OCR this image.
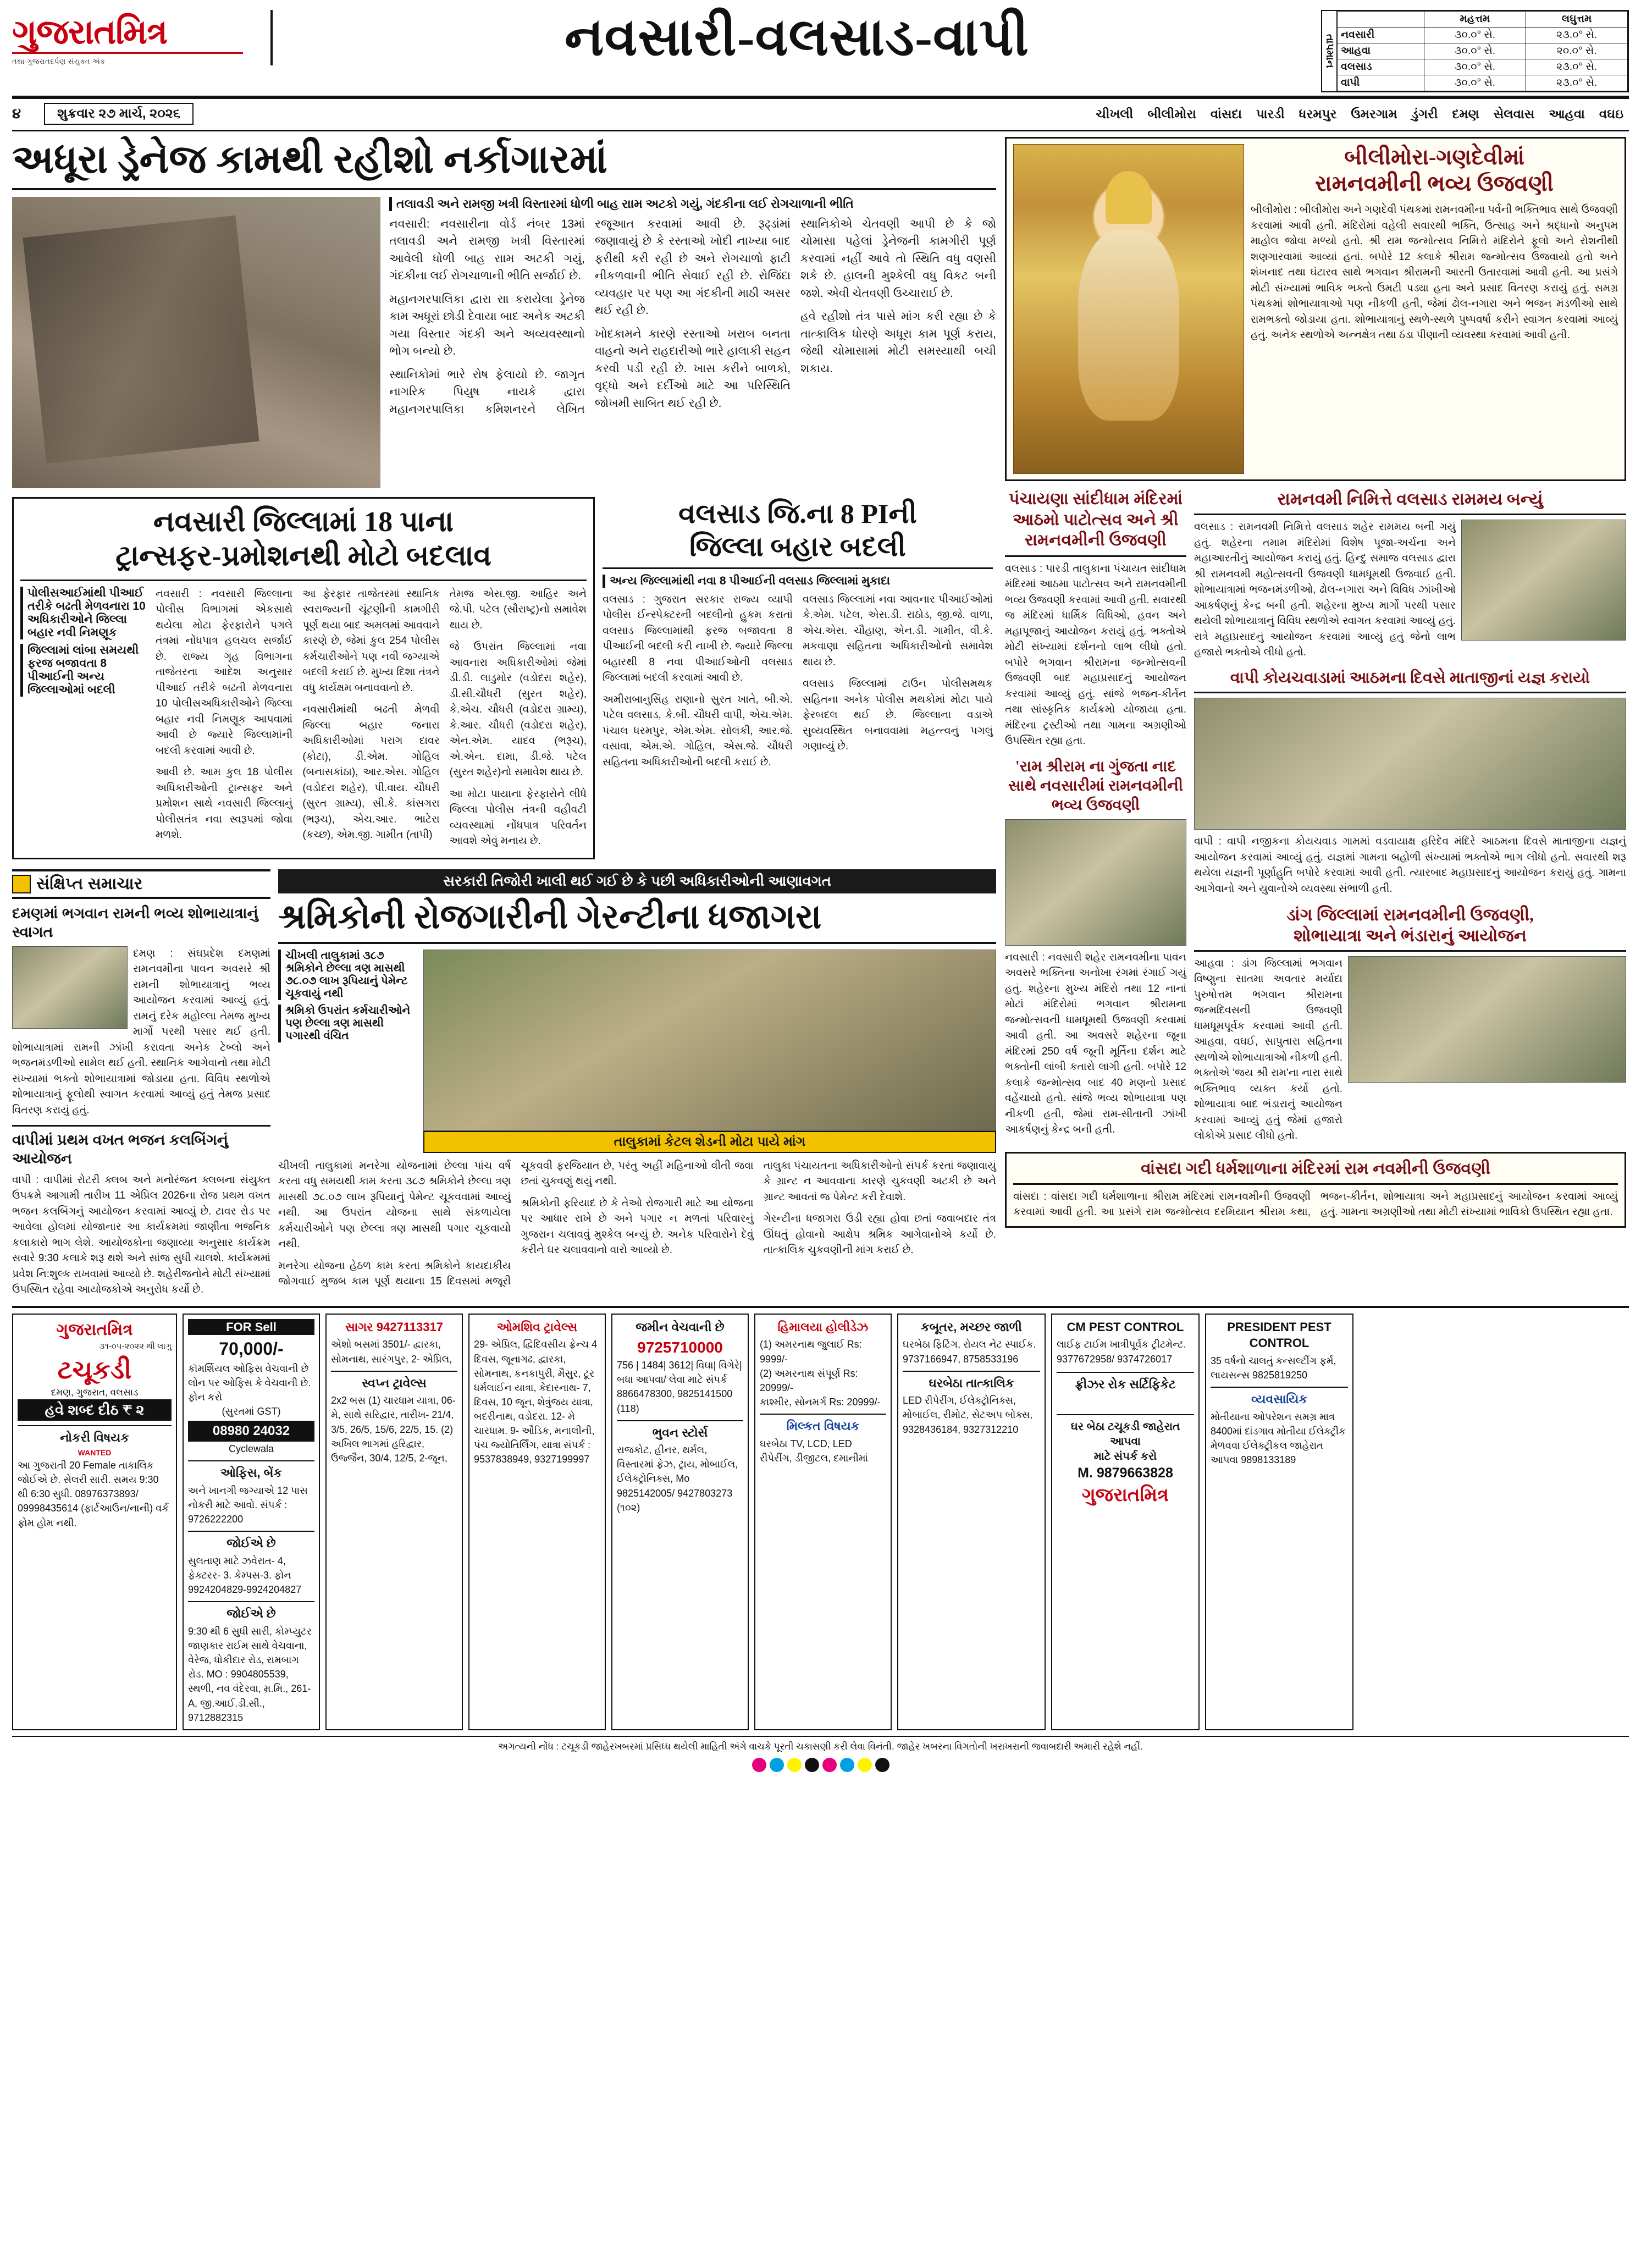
ગુજરાતમિત્ર
તથા ગુજરાતદર્પણ સંયુક્ત અંક	નવસારી-વલસાડ-વાપી	તાપમાન
	મહત્તમ	લઘુત્તમ
નવસારી	૩૦.૦° સે.	૨૩.૦° સે.
આહવા	૩૦.૦° સે.	૨૦.૦° સે.
વલસાડ	૩૦.૦° સે.	૨૩.૦° સે.
વાપી	૩૦.૦° સે.	૨૩.૦° સે.
૪	શુક્રવાર ૨૭ માર્ચ, ૨૦૨૬	ચીખલી બીલીમોરા વાંસદા પારડી ધરમપુર ઉમરગામ ડુંગરી દમણ સેલવાસ આહવા વઘઇ
અધૂરા ડ્રેનેજ કામથી રહીશો નર્કાગારમાં
તલાવડી અને રામજી ખત્રી વિસ્તારમાં ધોળી બાહ રાામ અટકો ગયું, ગંદકીના લઈ રોગચાળાની ભીતિ

નવસારી: નવસારીના વોર્ડ નંબર 13માં તલાવડી અને રામજી ખત્રી વિસ્તારમાં આવેલી ધોળી બાહ રાામ અટકી ગયું, ગંદકીના લઈ રોગચાળાની ભીતિ સર્જાઈ છે.

મહાનગરપાલિકા દ્વારા રાા કરાયેલા ડ્રેનેજ કામ અધૂરાં છોડી દેવાયા બાદ અનેક અટકી ગયા વિસ્તાર ગંદકી અને અવ્યવસ્થાનો ભોગ બન્યો છે.

સ્થાનિકોમાં ભારે રોષ ફેલાયો છે. જાગૃત નાગરિક પિયુષ નાયકે દ્વારા મહાનગરપાલિકા કમિશનરને લેખિત રજૂઆત કરવામાં આવી છે. રૂઢ્ડાંમાં જણાવાયું છે કે રસ્તાઓ ખોદી નાખ્યા બાદ ફરીથી કરી રહી છે અને રોગચાળો ફાટી નીકળવાની ભીતિ સેવાઈ રહી છે. રોજિંદા વ્યવહાર પર પણ આ ગંદકીની માઠી અસર થઈ રહી છે.

ખોદકામને કારણે રસ્તાઓ ખરાબ બનતા વાહનો અને રાહદારીઓ ભારે હાલાકી સહન કરવી પડી રહી છે. ખાસ કરીને બાળકો, વૃદ્ધો અને દર્દીઓ માટે આ પરિસ્થિતિ જોખમી સાબિત થઈ રહી છે.

સ્થાનિકોએ ચેતવણી આપી છે કે જો ચોમાસા પહેલાં ડ્રેનેજની કામગીરી પૂર્ણ કરવામાં નહીં આવે તો સ્થિતિ વધુ વણસી શકે છે. હાલની મુશ્કેલી વધુ વિકટ બની જશે. એવી ચેતવણી ઉચ્ચારાઈ છે.

હવે રહીશો તંત્ર પાસે માંગ કરી રહ્યા છે કે તાત્કાલિક ધોરણે અધૂરા કામ પૂર્ણ કરાય, જેથી ચોમાસામાં મોટી સમસ્યાથી બચી શકાય.

નવસારી જિલ્લામાં 18 પાના
ટ્રાન્સફર-પ્રમોશનથી મોટો બદલાવ
પોલીસઆઈમાંથી પીઆઈ તરીકે બઢતી મેળવનારા 10 અધિકારીઓને જિલ્લા બહાર નવી નિમણૂક
જિલ્લામાં લાંબા સમયથી ફરજ બજાવતા 8 પીઆઈની અન્ય જિલ્લાઓમાં બદલી

નવસારી : નવસારી જિલ્લાના પોલીસ વિભાગમાં એકસાથે થયેલા મોટા ફેરફારોને પગલે તંત્રમાં નોંધપાત્ર હલચલ સર્જાઈ છે. રાજ્ય ગૃહ વિભાગના તાજેતરના આદેશ અનુસાર પીઆઈ તરીકે બઢતી મેળવનારા 10 પોલીસઅધિકારીઓને જિલ્લા બહાર નવી નિમણૂક આપવામાં આવી છે જ્યારે જિલ્લામાંની બદલી કરવામાં આવી છે.

આવી છે. આમ કુલ 18 પોલીસ અધિકારીઓની ટ્રાન્સફર અને પ્રમોશન સાથે નવસારી જિલ્લાનું પોલીસતંત્ર નવા સ્વરૂપમાં જોવા મળશે.

આ ફેરફાર તાજેતરમાં સ્થાનિક સ્વરાજ્યની ચૂંટણીની કામગીરી પૂર્ણ થયા બાદ અમલમાં આવવાને કારણે છે, જેમાં કુલ 254 પોલીસ કર્મચારીઓને પણ નવી જગ્યાએ બદલી કરાઈ છે. મુખ્ય દિશા તંત્રને વધુ કાર્યક્ષમ બનાવવાનો છે.

નવસારીમાંથી બઢતી મેળવી જિલ્લા બહાર જનારા અધિકારીઓમાં પરાગ દાવર (કોટા), ડી.એમ. ગોહિલ (બનાસકાંઠા), આર.એસ. ગોહિલ (વડોદરા શહેર), પી.વાય. ચૌધરી (સુરત ગ્રામ્ય), સી.કે. કાંસગરા (ભરૂચ), એચ.આર. ભાટેરા (કચ્છ), એમ.જી. ગામીત (તાપી)

તેમજ એસ.જી. આહિર અને જે.પી. પટેલ (સૌરાષ્ટ્ર)નો સમાવેશ થાય છે.

જે ઉપરાંત જિલ્લામાં નવા આવનારા અધિકારીઓમાં જેમાં ડી.ડી. લાડુમોર (વડોદરા શહેર), ડી.સી.ચૌધરી (સુરત શહેર), કે.એચ. ચૌધરી (વડોદરા ગ્રામ્ય), કે.આર. ચૌધરી (વડોદરા શહેર), એન.એમ. યાદવ (ભરૂચ), એ.એન. દામા, ડી.જે. પટેલ (સુરત શહેર)નો સમાવેશ થાય છે.

આ મોટા પાયાના ફેરફારોને લીધે જિલ્લા પોલીસ તંત્રની વહીવટી વ્યવસ્થામાં નોંધપાત્ર પરિવર્તન આવશે એવું મનાય છે.

વલસાડ જિ.ના 8 PIની
જિલ્લા બહાર બદલી
અન્ય જિલ્લામાંથી નવા 8 પીઆઈની વલસાડ જિલ્લામાં મુકાદા

વલસાડ : ગુજરાત સરકાર રાજ્ય વ્યાપી પોલીસ ઈન્સ્પેક્ટરની બદલીનો હુકમ કરાતાં વલસાડ જિલ્લામાંથી ફરજ બજાવતા 8 પીઆઈની બદલી કરી નાખી છે. જ્યારે જિલ્લા બહારથી 8 નવા પીઆઈઓની વલસાડ જિલ્લામાં બદલી કરવામાં આવી છે.

અમીરાબાનુસિંહ રાણાનો સુરત ખાતે, બી.એ. પટેલ વલસાડ, કે.બી. ચૌધરી વાપી, એચ.એમ. પંચાલ ધરમપુર, એમ.એમ. સોલંકી, આર.જે. વસાવા, એમ.એ. ગોહિલ, એસ.જે. ચૌધરી સહિતના અધિકારીઓની બદલી કરાઈ છે.

વલસાડ જિલ્લામાં નવા આવનાર પીઆઈઓમાં કે.એમ. પટેલ, એસ.ડી. રાઠોડ, જી.જે. વાળા, એચ.એસ. ચૌહાણ, એન.ડી. ગામીત, વી.કે. મકવાણા સહિતના અધિકારીઓનો સમાવેશ થાય છે.

વલસાડ જિલ્લામાં ટાઉન પોલીસમથક સહિતના અનેક પોલીસ મથકોમાં મોટા પાયે ફેરબદલ થઈ છે. જિલ્લાના વડાએ સુવ્યવસ્થિત બનાવવામાં મહત્ત્વનું પગલું ગણાવ્યું છે.

સંક્ષિપ્ત સમાચાર
દમણમાં ભગવાન રામની ભવ્ય શોભાયાત્રાનું સ્વાગત
દમણ : સંઘપ્રદેશ દમણમાં રામનવમીના પાવન અવસરે શ્રી રામની શોભાયાત્રાનું ભવ્ય આયોજન કરવામાં આવ્યું હતું. રામનું દરેક મહોલ્લા તેમજ મુખ્ય માર્ગો પરથી પસાર થઈ હતી. શોભાયાત્રામાં રામની ઝાંખી કરાવતા અનેક ટેબ્લો અને ભજનમંડળીઓ સામેલ થઈ હતી. સ્થાનિક આગેવાનો તથા મોટી સંખ્યામાં ભક્તો શોભાયાત્રામાં જોડાયા હતા. વિવિધ સ્થળોએ શોભાયાત્રાનું ફૂલોથી સ્વાગત કરવામાં આવ્યું હતું તેમજ પ્રસાદ વિતરણ કરાયું હતું.
વાપીમાં પ્રથમ વખત ભજન કલબિંગનું આયોજન
વાપી : વાપીમાં રોટરી ક્લબ અને મનોરંજન ક્લબના સંયુક્ત ઉપક્રમે આગામી તારીખ 11 એપ્રિલ 2026ના રોજ પ્રથમ વખત ભજન કલબિંગનું આયોજન કરવામાં આવ્યું છે. ટાવર રોડ પર આવેલા હોલમાં યોજાનાર આ કાર્યક્રમમાં જાણીતા ભજનિક કલાકારો ભાગ લેશે. આયોજકોના જણાવ્યા અનુસાર કાર્યક્રમ સવારે 9:30 કલાકે શરૂ થશે અને સાંજ સુધી ચાલશે. કાર્યક્રમમાં પ્રવેશ નિ:શુલ્ક રાખવામાં આવ્યો છે. શહેરીજનોને મોટી સંખ્યામાં ઉપસ્થિત રહેવા આયોજકોએ અનુરોધ કર્યો છે.
સરકારી તિજોરી ખાલી થઈ ગઈ છે કે પછી અધિકારીઓની આણાવગત
શ્રમિકોની રોજગારીની ગેરન્ટીના ધજાગરા
ચીખલી તાલુકામાં ૩૮૭ શ્રમિકોને છેલ્લા ત્રણ માસથી ૭૮.૦૭ લાખ રૂપિયાનું પેમેન્ટ ચૂકવાયું નથી
શ્રમિકો ઉપરાંત કર્મચારીઓને પણ છેલ્લા ત્રણ માસથી પગારથી વંચિત
તાલુકામાં કેટલ શેડની મોટા પાયે માંગ

ચીખલી તાલુકામાં મનરેગા યોજનામાં છેલ્લા પાંચ વર્ષ કરતા વધુ સમયથી કામ કરતા ૩૮૭ શ્રમિકોને છેલ્લા ત્રણ માસથી ૭૮.૦૭ લાખ રૂપિયાનું પેમેન્ટ ચૂકવવામાં આવ્યું નથી. આ ઉપરાંત યોજના સાથે સંકળાયેલા કર્મચારીઓને પણ છેલ્લા ત્રણ માસથી પગાર ચૂકવાયો નથી.

મનરેગા યોજના હેઠળ કામ કરતા શ્રમિકોને કાયદાકીય જોગવાઈ મુજબ કામ પૂર્ણ થયાના 15 દિવસમાં મજૂરી ચૂકવવી ફરજિયાત છે, પરંતુ અહીં મહિનાઓ વીતી જવા છતાં ચુકવણું થયું નથી.

શ્રમિકોની ફરિયાદ છે કે તેઓ રોજગારી માટે આ યોજના પર આધાર રાખે છે અને પગાર ન મળતાં પરિવારનું ગુજરાન ચલાવવું મુશ્કેલ બન્યું છે. અનેક પરિવારોને દેવું કરીને ઘર ચલાવવાનો વારો આવ્યો છે.

તાલુકા પંચાયતના અધિકારીઓનો સંપર્ક કરતાં જણાવાયું કે ગ્રાન્ટ ન આવવાના કારણે ચુકવણી અટકી છે અને ગ્રાન્ટ આવતાં જ પેમેન્ટ કરી દેવાશે.

ગેરન્ટીના ધજાગરા ઉડી રહ્યા હોવા છતાં જવાબદાર તંત્ર ઊંઘતું હોવાનો આક્ષેપ શ્રમિક આગેવાનોએ કર્યો છે. તાત્કાલિક ચુકવણીની માંગ કરાઈ છે.

બીલીમોરા-ગણદેવીમાં
રામનવમીની ભવ્ય ઉજવણી
બીલીમોરા : બીલીમોરા અને ગણદેવી પંથકમાં રામનવમીના પર્વની ભક્તિભાવ સાથે ઉજવણી કરવામાં આવી હતી. મંદિરોમાં વહેલી સવારથી ભક્તિ, ઉત્સાહ અને શ્રદ્ધાનો અનુપમ માહોલ જોવા મળ્યો હતો. શ્રી રામ જન્મોત્સવ નિમિત્તે મંદિરોને ફૂલો અને રોશનીથી શણગારવામાં આવ્યાં હતાં. બપોરે 12 કલાકે શ્રીરામ જન્મોત્સવ ઉજવાયો હતો અને શંખનાદ તથા ઘંટારવ સાથે ભગવાન શ્રીરામની આરતી ઉતારવામાં આવી હતી. આ પ્રસંગે મોટી સંખ્યામાં ભાવિક ભક્તો ઉમટી પડ્યા હતા અને પ્રસાદ વિતરણ કરાયું હતું. સમગ્ર પંથકમાં શોભાયાત્રાઓ પણ નીકળી હતી, જેમાં ઢોલ-નગારા અને ભજન મંડળીઓ સાથે રામભક્તો જોડાયા હતા. શોભાયાત્રાનું સ્થળે-સ્થળે પુષ્પવર્ષા કરીને સ્વાગત કરવામાં આવ્યું હતું. અનેક સ્થળોએ અન્નક્ષેત્ર તથા ઠંડા પીણાની વ્યવસ્થા કરવામાં આવી હતી.
પંચાયણા સાંદીધામ મંદિરમાં આઠમો પાટોત્સવ અને શ્રી રામનવમીની ઉજવણી
વલસાડ : પારડી તાલુકાના પંચાયત સાંદીધામ મંદિરમાં આઠમા પાટોત્સવ અને રામનવમીની ભવ્ય ઉજવણી કરવામાં આવી હતી. સવારથી જ મંદિરમાં ધાર્મિક વિધિઓ, હવન અને મહાપૂજાનું આયોજન કરાયું હતું. ભક્તોએ મોટી સંખ્યામાં દર્શનનો લાભ લીધો હતો. બપોરે ભગવાન શ્રીરામના જન્મોત્સવની ઉજવણી બાદ મહાપ્રસાદનું આયોજન કરવામાં આવ્યું હતું. સાંજે ભજન-કીર્તન તથા સાંસ્કૃતિક કાર્યક્રમો યોજાયા હતા. મંદિરના ટ્રસ્ટીઓ તથા ગામના અગ્રણીઓ ઉપસ્થિત રહ્યા હતા.
'રામ શ્રીરામ ના ગુંજતા નાદ સાથે નવસારીમાં રામનવમીની ભવ્ય ઉજવણી
નવસારી : નવસારી શહેર રામનવમીના પાવન અવસરે ભક્તિના અનોખા રંગમાં રંગાઈ ગયું હતું. શહેરના મુખ્ય મંદિરો તથા 12 નાનાં મોટાં મંદિરોમાં ભગવાન શ્રીરામના જન્મોત્સવની ધામધૂમથી ઉજવણી કરવામાં આવી હતી. આ અવસરે શહેરના જૂના મંદિરમાં 250 વર્ષ જૂની મૂર્તિના દર્શન માટે ભક્તોની લાંબી કતારો લાગી હતી. બપોરે 12 કલાકે જન્મોત્સવ બાદ 40 મણનો પ્રસાદ વહેંચાયો હતો. સાંજે ભવ્ય શોભાયાત્રા પણ નીકળી હતી, જેમાં રામ-સીતાની ઝાંખી આકર્ષણનું કેન્દ્ર બની હતી.
રામનવમી નિમિત્તે વલસાડ રામમય બન્યું
વલસાડ : રામનવમી નિમિત્તે વલસાડ શહેર રામમય બની ગયું હતું. શહેરના તમામ મંદિરોમાં વિશેષ પૂજા-અર્ચના અને મહાઆરતીનું આયોજન કરાયું હતું. હિન્દુ સમાજ વલસાડ દ્વારા શ્રી રામનવમી મહોત્સવની ઉજવણી ધામધૂમથી ઉજવાઈ હતી. શોભાયાત્રામાં ભજનમંડળીઓ, ઢોલ-નગારા અને વિવિધ ઝાંખીઓ આકર્ષણનું કેન્દ્ર બની હતી. શહેરના મુખ્ય માર્ગો પરથી પસાર થયેલી શોભાયાત્રાનું વિવિધ સ્થળોએ સ્વાગત કરવામાં આવ્યું હતું. રાત્રે મહાપ્રસાદનું આયોજન કરવામાં આવ્યું હતું જેનો લાભ હજારો ભક્તોએ લીધો હતો.
વાપી કોયચવાડામાં આઠમના દિવસે માતાજીનાં યજ્ઞ કરાયો
વાપી : વાપી નજીકના કોયચવાડ ગામમાં વડવાયાક્ષ હરિદેવ મંદિરે આઠમના દિવસે માતાજીના યજ્ઞનું આયોજન કરવામાં આવ્યું હતું. યજ્ઞમાં ગામના બહોળી સંખ્યામાં ભક્તોએ ભાગ લીધો હતો. સવારથી શરૂ થયેલા યજ્ઞની પૂર્ણાહુતિ બપોરે કરવામાં આવી હતી. ત્યારબાદ મહાપ્રસાદનું આયોજન કરાયું હતું. ગામના આગેવાનો અને યુવાનોએ વ્યવસ્થા સંભાળી હતી.
ડાંગ જિલ્લામાં રામનવમીની ઉજવણી,
શોભાયાત્રા અને ભંડારાનું આયોજન
આહવા : ડાંગ જિલ્લામાં ભગવાન વિષ્ણુના સાતમા અવતાર મર્યાદા પુરુષોત્તમ ભગવાન શ્રીરામના જન્મદિવસની ઉજવણી ધામધૂમપૂર્વક કરવામાં આવી હતી. આહવા, વઘઈ, સાપુતારા સહિતના સ્થળોએ શોભાયાત્રાઓ નીકળી હતી. ભક્તોએ 'જય શ્રી રામ'ના નારા સાથે ભક્તિભાવ વ્યક્ત કર્યો હતો. શોભાયાત્રા બાદ ભંડારાનું આયોજન કરવામાં આવ્યું હતું જેમાં હજારો લોકોએ પ્રસાદ લીધો હતો.
વાંસદા ગદી ધર્મશાળાના મંદિરમાં રામ નવમીની ઉજવણી
વાંસદા : વાંસદા ગદી ધર્મશાળાના શ્રીરામ મંદિરમાં રામનવમીની ઉજવણી કરવામાં આવી હતી. આ પ્રસંગે રામ જન્મોત્સવ દરમિયાન શ્રીરામ કથા, ભજન-કીર્તન, શોભાયાત્રા અને મહાપ્રસાદનું આયોજન કરવામાં આવ્યું હતું. ગામના અગ્રણીઓ તથા મોટી સંખ્યામાં ભાવિકો ઉપસ્થિત રહ્યા હતા.
ગુજરાતમિત્ર
૩૧-૦૫-૨૦૨૨ થી લાગુ
ટચૂકડી
દમણ, ગુજરાત, વલસાડ
હવે શબ્દ દીઠ ₹ ૨
નોકરી વિષયક
WANTED
આ ગુજરાતી 20 Female તાકાલિક જોઈએ છે. સેલરી સારી. સમય 9:30 થી 6:30 સુધી. 08976373893/ 09998435614 (ફાર્ટઆઉન/નાની) વર્ક ફ્રોમ હોમ નથી.
FOR Sell
70,000/-
કૉમર્શિયલ ઓફિસ વેચવાની છે લોન પર ઓફિસ કે વેચવાની છે. ફોન કરો
(સુરતમાં GST)
08980 24032
Cyclewala
ઓફિસ, બેંક
અને ખાનગી જગ્યાએ 12 પાસ નોકરી માટે આવો. સંપર્ક : 9726222200
જોઈએ છે
સુલતાણ માટે ઝવેરાત- 4, ફેક્ટરર- 3. કેમ્પસ-3. ફોન 9924204829-9924204827
જોઈએ છે
9:30 થી 6 સુધી સારી, કોમ્પ્યુટર જાણકાર રાઈમ સાથે વેચવાના, વેરેજ, ધોકીદાર રોડ, રામબાગ રોડ. MO : 9904805539, સ્થળી, નવ વંદેરવા, મ્ર.મિ., 261- A, જી.આઈ.ડી.સી., 9712882315
સાગર 9427113317
એશો બસમાં 3501/- દ્વારકા, સોમનાથ, સારંગપુર, 2- એપ્રિલ,
સ્વપ્ન ટ્રાવેલ્સ
2x2 બસ (1) ચારધામ યાત્રા, 06- મે, સાથે સરિદ્વાર, તારીખ- 21/4, 3/5, 26/5, 15/6, 22/5, 15. (2) અખિલ ભાગમાં હરિદ્વાર, ઉજ્જૈન, 30/4, 12/5, 2-જૂન,
ઓમશિવ ટ્રાવેલ્સ
29- એપ્રિલ, દ્વિદિવસીય ફ્રેન્ચ 4 દિવસ, જૂનાગઢ, દ્વારકા, સોમનાથ, કનકાપુરી, મૈસુર, ટૂર ધર્મલાઈન યાત્રા, કેદારનાથ- 7, દિવસ, 10 જૂન, શેત્રુંજય યાત્રા, બદરીનાથ, વડોદરા. 12- મે ચારધામ. 9- ઔડિક, મનાલીની, પંચ જ્યોતિર્લિંગ, યાત્રા સંપર્ક : 9537838949, 9327199997
જમીન વેચવાની છે
9725710000
756 | 1484| 3612| વિઘા| વિગેરે| બધા આપવા/ લેવા માટે સંપર્ક 8866478300, 9825141500 (118)
ભુવન સ્ટોર્સ
રાજકોટ, હીનર, થર્મલ, વિસ્તારમાં ફ્રેઝ, ટ્રાય, મોબાઈલ, ઈલેક્ટ્રોનિક્સ, Mo 9825142005/ 9427803273 (૧૦૨)
હિમાલયા હોલીડેઝ
(1) અમરનાથ જુલાઈ Rs: 9999/-
(2) અમરનાથ સંપૂર્ણ Rs: 20999/-
કાશ્મીર, સોનમર્ગ Rs: 20999/-
મિલ્કત વિષયક
ઘરબેઠા TV, LCD, LED રીપેરીંગ, ડીજીટલ, દમાનીમાં
કબૂતર, મચ્છર જાળી
ઘરબેઠા ફિટિંગ, રોયલ નેટ સ્પાઈક. 9737166947, 8758533196
ઘરબેઠા તાત્કાલિક
LED રીપેરીંગ, ઈલેક્ટ્રોનિક્સ, મોબાઈલ, રીમોટ, સેટઅપ બોક્સ, 9328436184, 9327312210
CM PEST CONTROL
લાઈફ ટાઈમ ખાત્રીપૂર્વક ટ્રીટમેન્ટ. 9377672958/ 9374726017
ફ્રીઝર રોક સર્ટિફિકેટ
ઘર બેઠા ટચૂકડી જાહેરાત આપવા
માટે સંપર્ક કરો
M. 9879663828
ગુજરાતમિત્ર
PRESIDENT PEST CONTROL
35 વર્ષનો ચાલતું કન્સલ્ટીંગ ફર્મ, લાયસન્સ 9825819250
વ્યવસાયિક
મોતીયાના ઓપરેશન સમગ્ર માત્ર 8400માં દાંડગાવ મોતીયા ઈલેક્ટ્રીક મેળવવા ઈલેક્ટ્રીકલ જાહેરાત આપવા 9898133189
અગત્યની નોંધ : ટચૂકડી જાહેરખબરમાં પ્રસિધ્ધ થયેલી માહિતી અંગે વાચકે પૂરતી ચકાસણી કરી લેવા વિનંતી. જાહેર ખબરના વિગતોની ખરાખરાની જવાબદારી અમારી રહેશે નહીં.
